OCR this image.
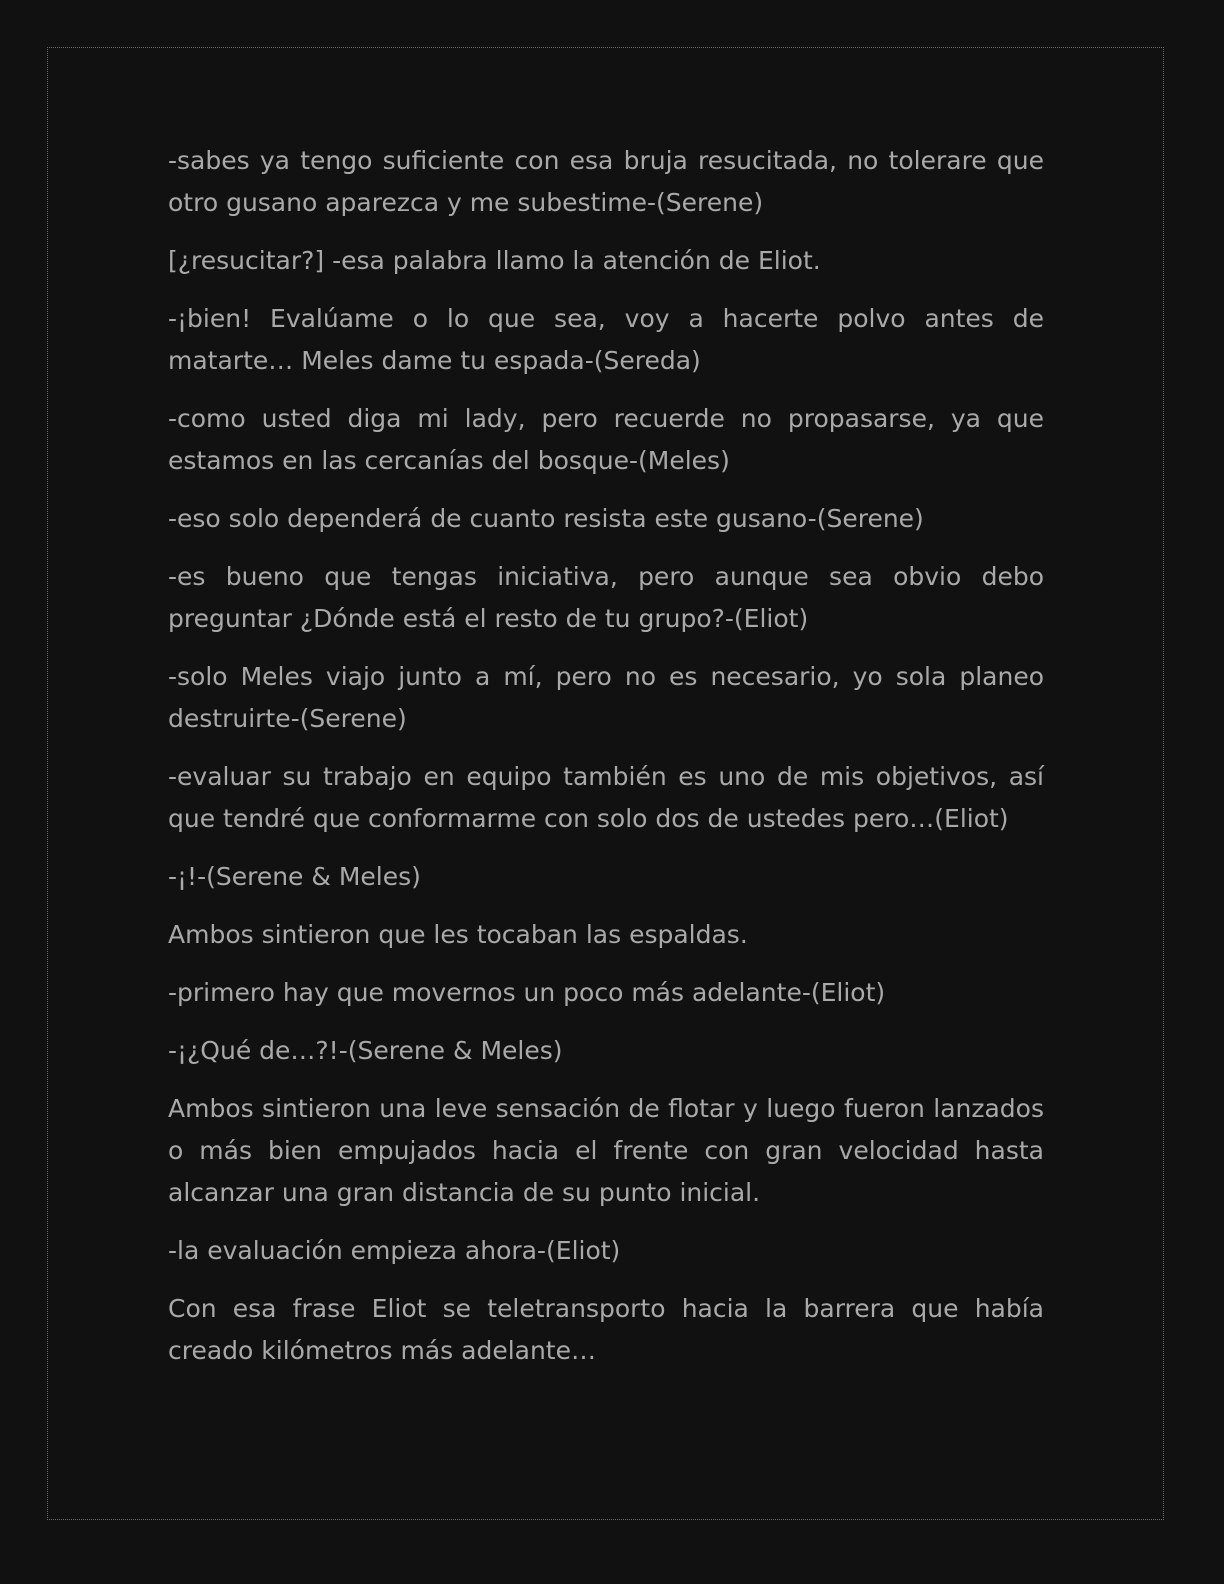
-sabes ya tengo suficiente con esa bruja resucitada, no tolerare que otro gusano aparezca y me subestime-(Serene)

[¿resucitar?] -esa palabra llamo la atención de Eliot.

-¡bien! Evalúame o lo que sea, voy a hacerte polvo antes de matarte… Meles dame tu espada-(Sereda)

-como usted diga mi lady, pero recuerde no propasarse, ya que estamos en las cercanías del bosque-(Meles)

-eso solo dependerá de cuanto resista este gusano-(Serene)

-es bueno que tengas iniciativa, pero aunque sea obvio debo preguntar ¿Dónde está el resto de tu grupo?-(Eliot)

-solo Meles viajo junto a mí, pero no es necesario, yo sola planeo destruirte-(Serene)

-evaluar su trabajo en equipo también es uno de mis objetivos, así que tendré que conformarme con solo dos de ustedes pero…(Eliot)

-¡!-(Serene & Meles)

Ambos sintieron que les tocaban las espaldas.

-primero hay que movernos un poco más adelante-(Eliot)

-¡¿Qué de…?!-(Serene & Meles)

Ambos sintieron una leve sensación de flotar y luego fueron lanzados o más bien empujados hacia el frente con gran velocidad hasta alcanzar una gran distancia de su punto inicial.

-la evaluación empieza ahora-(Eliot)

Con esa frase Eliot se teletransporto hacia la barrera que había creado kilómetros más adelante…
